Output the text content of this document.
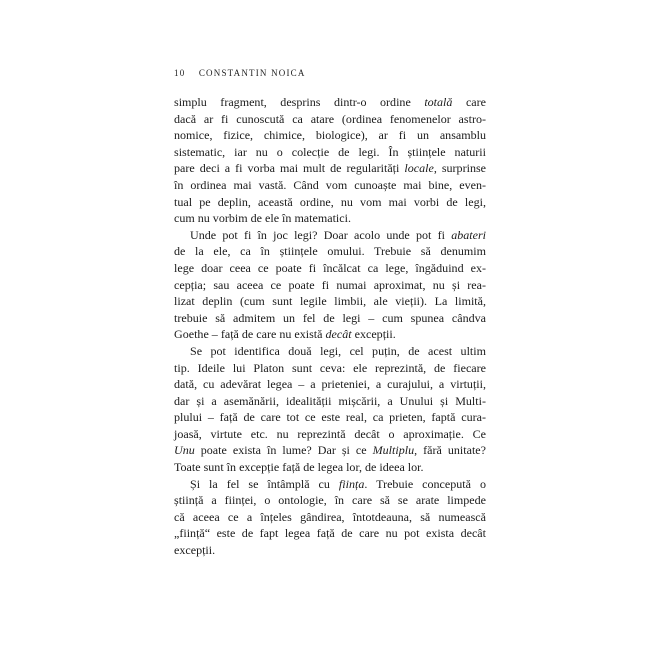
10 CONSTANTIN NOICA

simplu fragment, desprins dintr-o ordine totală care

dacă ar fi cunoscută ca atare (ordinea fenomenelor astro-

nomice, fizice, chimice, biologice), ar fi un ansamblu

sistematic, iar nu o colecție de legi. În științele naturii

pare deci a fi vorba mai mult de regularități locale, surprinse

în ordinea mai vastă. Când vom cunoaște mai bine, even-

tual pe deplin, această ordine, nu vom mai vorbi de legi,

cum nu vorbim de ele în matematici.

Unde pot fi în joc legi? Doar acolo unde pot fi abateri

de la ele, ca în științele omului. Trebuie să denumim

lege doar ceea ce poate fi încălcat ca lege, îngăduind ex-

cepția; sau aceea ce poate fi numai aproximat, nu și rea-

lizat deplin (cum sunt legile limbii, ale vieții). La limită,

trebuie să admitem un fel de legi – cum spunea cândva

Goethe – față de care nu există decât excepții.

Se pot identifica două legi, cel puțin, de acest ultim

tip. Ideile lui Platon sunt ceva: ele reprezintă, de fiecare

dată, cu adevărat legea – a prieteniei, a curajului, a virtuții,

dar și a asemănării, idealității mișcării, a Unului și Multi-

plului – față de care tot ce este real, ca prieten, faptă cura-

joasă, virtute etc. nu reprezintă decât o aproximație. Ce

Unu poate exista în lume? Dar și ce Multiplu, fără unitate?

Toate sunt în excepție față de legea lor, de ideea lor.

Și la fel se întâmplă cu ființa. Trebuie concepută o

știință a ființei, o ontologie, în care să se arate limpede

că aceea ce a înțeles gândirea, întotdeauna, să numească

„ființă“ este de fapt legea față de care nu pot exista decât

excepții.
